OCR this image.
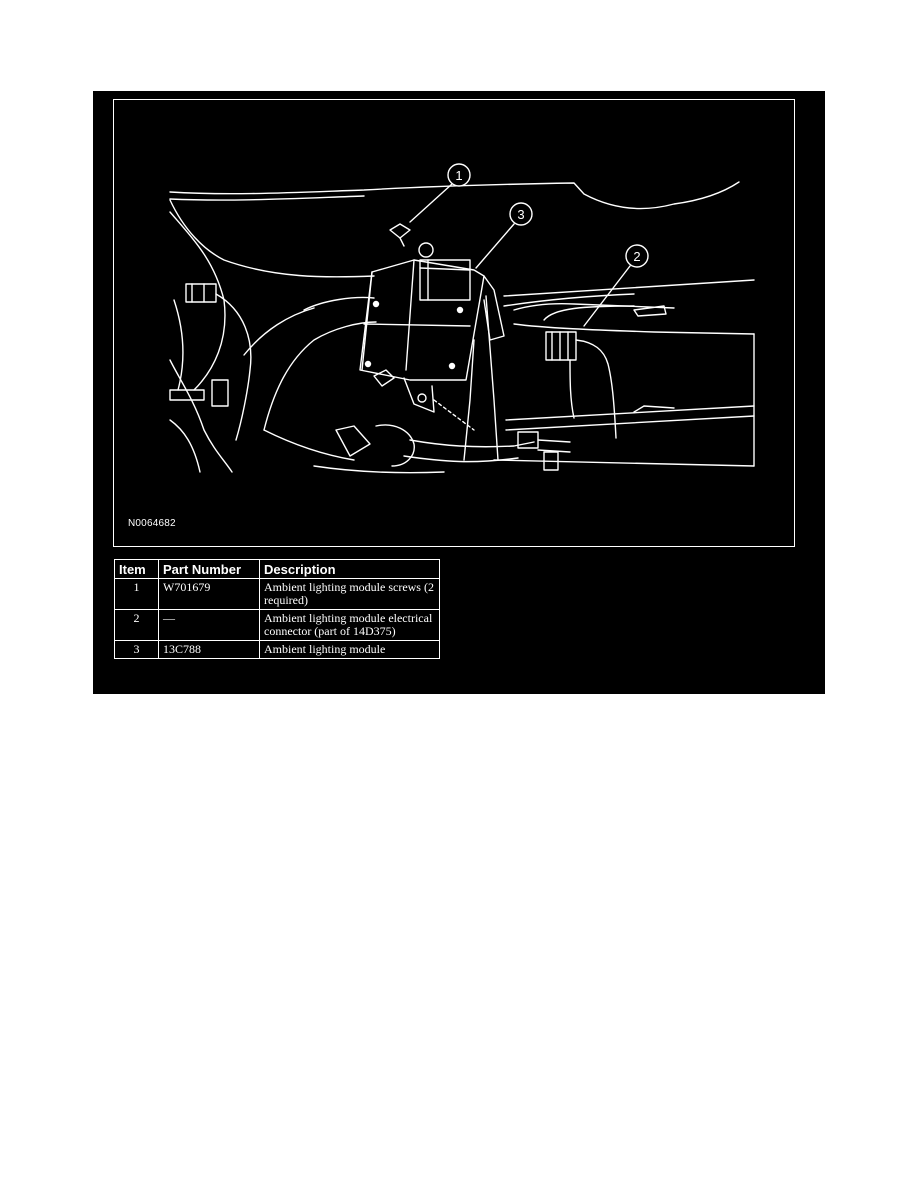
1
3
2
N0064682
Item	Part Number	Description
1	W701679	Ambient lighting module screws (2 required)
2	—	Ambient lighting module electrical connector (part of 14D375)
3	13C788	Ambient lighting module
